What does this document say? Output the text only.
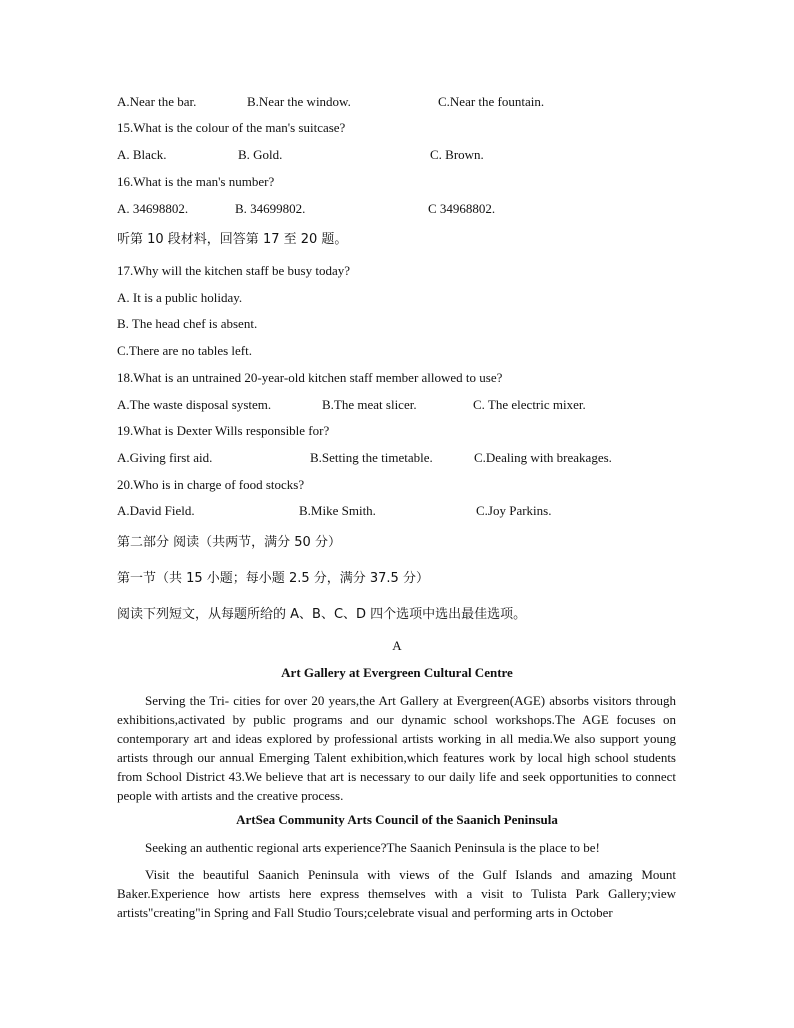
A.Near the bar.	B.Near the window.	C.Near the fountain.
15.What is the colour of the man's suitcase?
A. Black.	B. Gold.	C. Brown.
16.What is the man's number?
A. 34698802.	B. 34699802.	C 34968802.
听第 10 段材料，回答第 17 至 20 题。
17.Why will the kitchen staff be busy today?
A. It is a public holiday.
B. The head chef is absent.
C.There are no tables left.
18.What is an untrained 20-year-old kitchen staff member allowed to use?
A.The waste disposal system.	B.The meat slicer.	C. The electric mixer.
19.What is Dexter Wills responsible for?
A.Giving first aid.	B.Setting the timetable.	C.Dealing with breakages.
20.Who is in charge of food stocks?
A.David Field.	B.Mike Smith.	C.Joy Parkins.
第二部分 阅读（共两节，满分 50 分）
第一节（共 15 小题；每小题 2.5 分，满分 37.5 分）
阅读下列短文，从每题所给的 A、B、C、D 四个选项中选出最佳选项。
A
Art Gallery at Evergreen Cultural Centre
Serving the Tri- cities for over 20 years,the Art Gallery at Evergreen(AGE) absorbs visitors through exhibitions,activated by public programs and our dynamic school workshops.The AGE focuses on contemporary art and ideas explored by professional artists working in all media.We also support young artists through our annual Emerging Talent exhibition,which features work by local high school students from School District 43.We believe that art is necessary to our daily life and seek opportunities to connect people with artists and the creative process.
ArtSea Community Arts Council of the Saanich Peninsula
Seeking an authentic regional arts experience?The Saanich Peninsula is the place to be!
Visit the beautiful Saanich Peninsula with views of the Gulf Islands and amazing Mount Baker.Experience how artists here express themselves with a visit to Tulista Park Gallery;view artists"creating"in Spring and Fall Studio Tours;celebrate visual and performing arts in October
